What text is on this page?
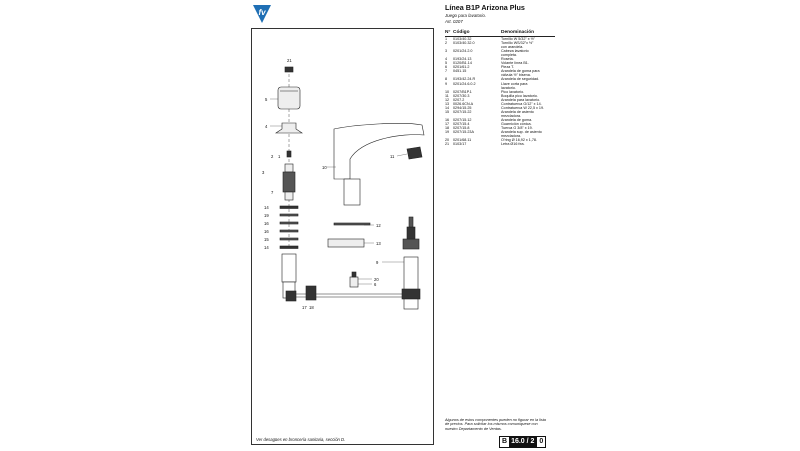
fv
21
5
4
2 1
3
7
14
19
16
16
15
14
10
11
12
13
9
20
6
17 18
Ver desagües en broncería sanitaria, sección D.
Línea B1P Arizona Plus
Juego para lavatorio.
Art. 0207
N°	Código	Denominación
1	0103/40.32	Tornillo W 5/32" x ½"
2	0103/40.32.0	Tornillo WS/32"x ½"
		con arandela.
3	0201/24.2.0	Cabeza lavatorio
		completa.
4	0193/24.13	Roseta.
5	0120/B1.14	Volante línea B1.
6	0201/61.2	Pieza T.
7	0451.15	Arandela de goma para
		válvula ½" bisena.
8	0193/42.24.R	Arandela de seguridad.
9	0201/24.6.0.2	Llave corta para
		lavatorio.
10	0207/B1P.1	Pico lavatorio.
11	0207/30.3	Boquilla pico lavatorio.
12	0207.2	Arandela para lavatorio.
13	0026.6CN.A	Contratuerca G/12" x 14.
14	0294/15.25	Contratuerca W 22,5 x 19.
15	0207/15.22	Arandela de asiento
		mezcladora.
16	0207/15.12	Arandela de goma.
17	0207/15.4	Guarnición cónica.
18	0207/15.8	Tuerca G 3/8" x 19.
19	0207/15.23A	Arandela sup. de asiento
		mezcladora.
20	0201/68.11	O'ring Ø 16,92 x 1,78.
21	0103/17	Letra Ø16 fea.
Algunos de estos componentes pueden no figurar en la lista de precios. Para solicitar los mismos comuníquese con nuestro Departamento de Ventas.
B 16.0 / 2 0
